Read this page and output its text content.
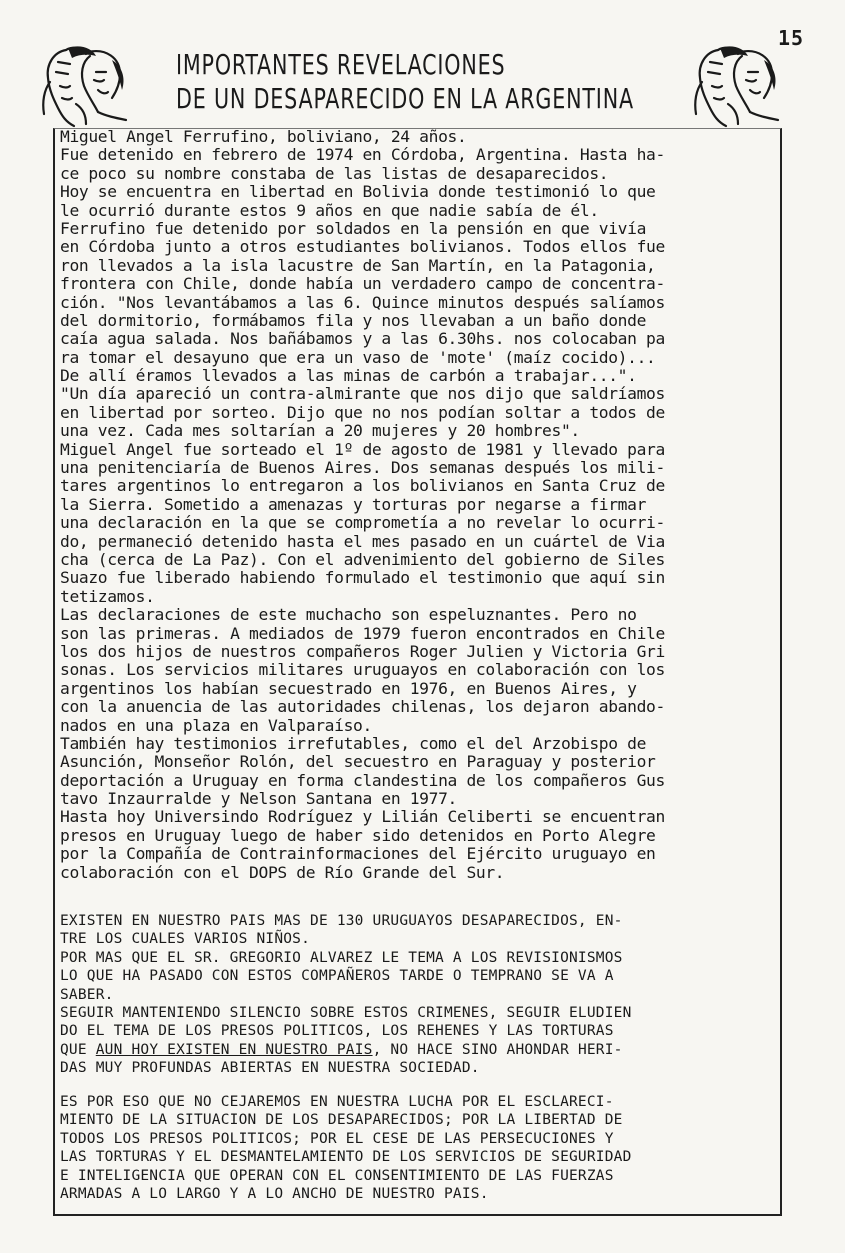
15
IMPORTANTES REVELACIONES
DE UN DESAPARECIDO EN LA ARGENTINA
Miguel Angel Ferrufino, boliviano, 24 años.
Fue detenido en febrero de 1974 en Córdoba, Argentina. Hasta ha-
ce poco su nombre constaba de las listas de desaparecidos.
Hoy se encuentra en libertad en Bolivia donde testimonió lo que
le ocurrió durante estos 9 años en que nadie sabía de él.
Ferrufino fue detenido por soldados en la pensión en que vivía
en Córdoba junto a otros estudiantes bolivianos. Todos ellos fue
ron llevados a la isla lacustre de San Martín, en la Patagonia,
frontera con Chile, donde había un verdadero campo de concentra-
ción. "Nos levantábamos a las 6. Quince minutos después salíamos
del dormitorio, formábamos fila y nos llevaban a un baño donde
caía agua salada. Nos bañábamos y a las 6.30hs. nos colocaban pa
ra tomar el desayuno que era un vaso de 'mote' (maíz cocido)...
De allí éramos llevados a las minas de carbón a trabajar...".
"Un día apareció un contra-almirante que nos dijo que saldríamos
en libertad por sorteo. Dijo que no nos podían soltar a todos de
una vez. Cada mes soltarían a 20 mujeres y 20 hombres".
Miguel Angel fue sorteado el 1º de agosto de 1981 y llevado para
una penitenciaría de Buenos Aires. Dos semanas después los mili-
tares argentinos lo entregaron a los bolivianos en Santa Cruz de
la Sierra. Sometido a amenazas y torturas por negarse a firmar
una declaración en la que se comprometía a no revelar lo ocurri-
do, permaneció detenido hasta el mes pasado en un cuártel de Via
cha (cerca de La Paz). Con el advenimiento del gobierno de Siles
Suazo fue liberado habiendo formulado el testimonio que aquí sin
tetizamos.
Las declaraciones de este muchacho son espeluznantes. Pero no
son las primeras. A mediados de 1979 fueron encontrados en Chile
los dos hijos de nuestros compañeros Roger Julien y Victoria Gri
sonas. Los servicios militares uruguayos en colaboración con los
argentinos los habían secuestrado en 1976, en Buenos Aires, y
con la anuencia de las autoridades chilenas, los dejaron abando-
nados en una plaza en Valparaíso.
También hay testimonios irrefutables, como el del Arzobispo de
Asunción, Monseñor Rolón, del secuestro en Paraguay y posterior
deportación a Uruguay en forma clandestina de los compañeros Gus
tavo Inzaurralde y Nelson Santana en 1977.
Hasta hoy Universindo Rodríguez y Lilián Celiberti se encuentran
presos en Uruguay luego de haber sido detenidos en Porto Alegre
por la Compañía de Contrainformaciones del Ejército uruguayo en
colaboración con el DOPS de Río Grande del Sur.
EXISTEN EN NUESTRO PAIS MAS DE 130 URUGUAYOS DESAPARECIDOS, EN-
TRE LOS CUALES VARIOS NIÑOS.
POR MAS QUE EL SR. GREGORIO ALVAREZ LE TEMA A LOS REVISIONISMOS
LO QUE HA PASADO CON ESTOS COMPAÑEROS TARDE O TEMPRANO SE VA A
SABER.
SEGUIR MANTENIENDO SILENCIO SOBRE ESTOS CRIMENES, SEGUIR ELUDIEN
DO EL TEMA DE LOS PRESOS POLITICOS, LOS REHENES Y LAS TORTURAS
QUE AUN HOY EXISTEN EN NUESTRO PAIS, NO HACE SINO AHONDAR HERI-
DAS MUY PROFUNDAS ABIERTAS EN NUESTRA SOCIEDAD.
ES POR ESO QUE NO CEJAREMOS EN NUESTRA LUCHA POR EL ESCLARECI-
MIENTO DE LA SITUACION DE LOS DESAPARECIDOS; POR LA LIBERTAD DE
TODOS LOS PRESOS POLITICOS; POR EL CESE DE LAS PERSECUCIONES Y
LAS TORTURAS Y EL DESMANTELAMIENTO DE LOS SERVICIOS DE SEGURIDAD
E INTELIGENCIA QUE OPERAN CON EL CONSENTIMIENTO DE LAS FUERZAS
ARMADAS A LO LARGO Y A LO ANCHO DE NUESTRO PAIS.
